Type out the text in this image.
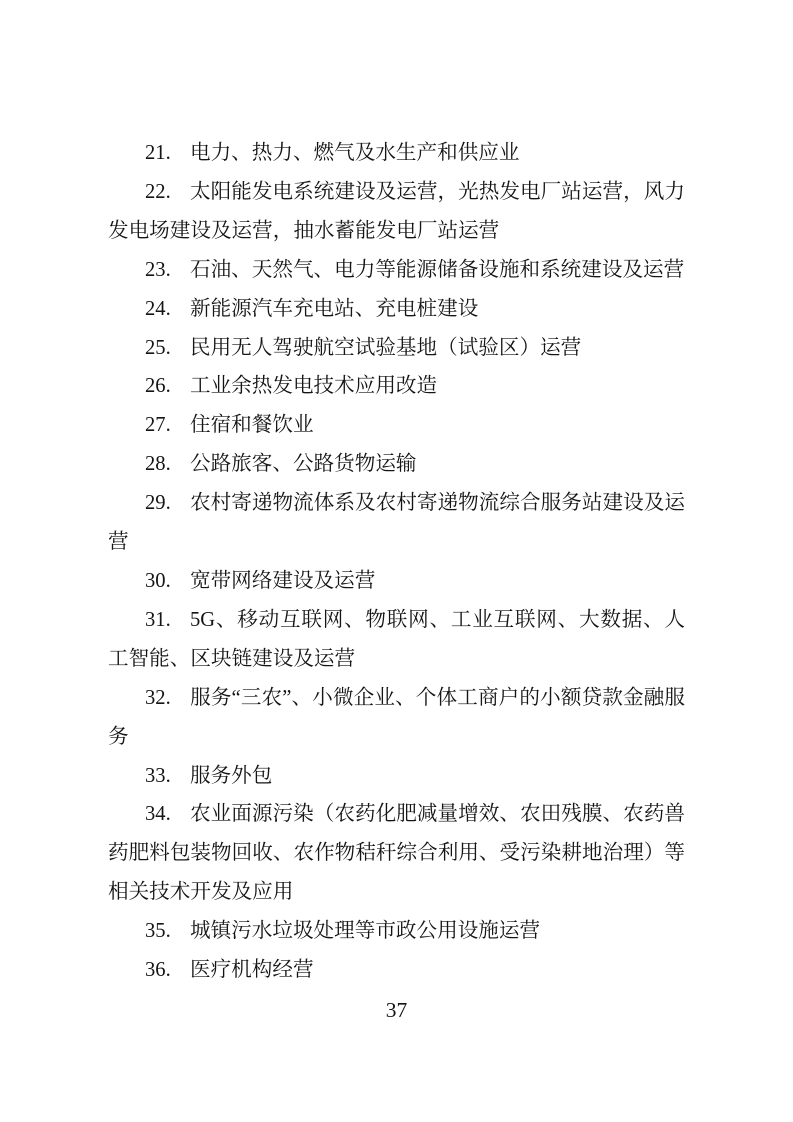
21. 电力、热力、燃气及水生产和供应业

22. 太阳能发电系统建设及运营，光热发电厂站运营，风力发电场建设及运营，抽水蓄能发电厂站运营

23. 石油、天然气、电力等能源储备设施和系统建设及运营

24. 新能源汽车充电站、充电桩建设

25. 民用无人驾驶航空试验基地（试验区）运营

26. 工业余热发电技术应用改造

27. 住宿和餐饮业

28. 公路旅客、公路货物运输

29. 农村寄递物流体系及农村寄递物流综合服务站建设及运营

30. 宽带网络建设及运营

31. 5G、移动互联网、物联网、工业互联网、大数据、人工智能、区块链建设及运营

32. 服务“三农”、小微企业、个体工商户的小额贷款金融服务

33. 服务外包

34. 农业面源污染（农药化肥减量增效、农田残膜、农药兽药肥料包装物回收、农作物秸秆综合利用、受污染耕地治理）等相关技术开发及应用

35. 城镇污水垃圾处理等市政公用设施运营

36. 医疗机构经营

37
